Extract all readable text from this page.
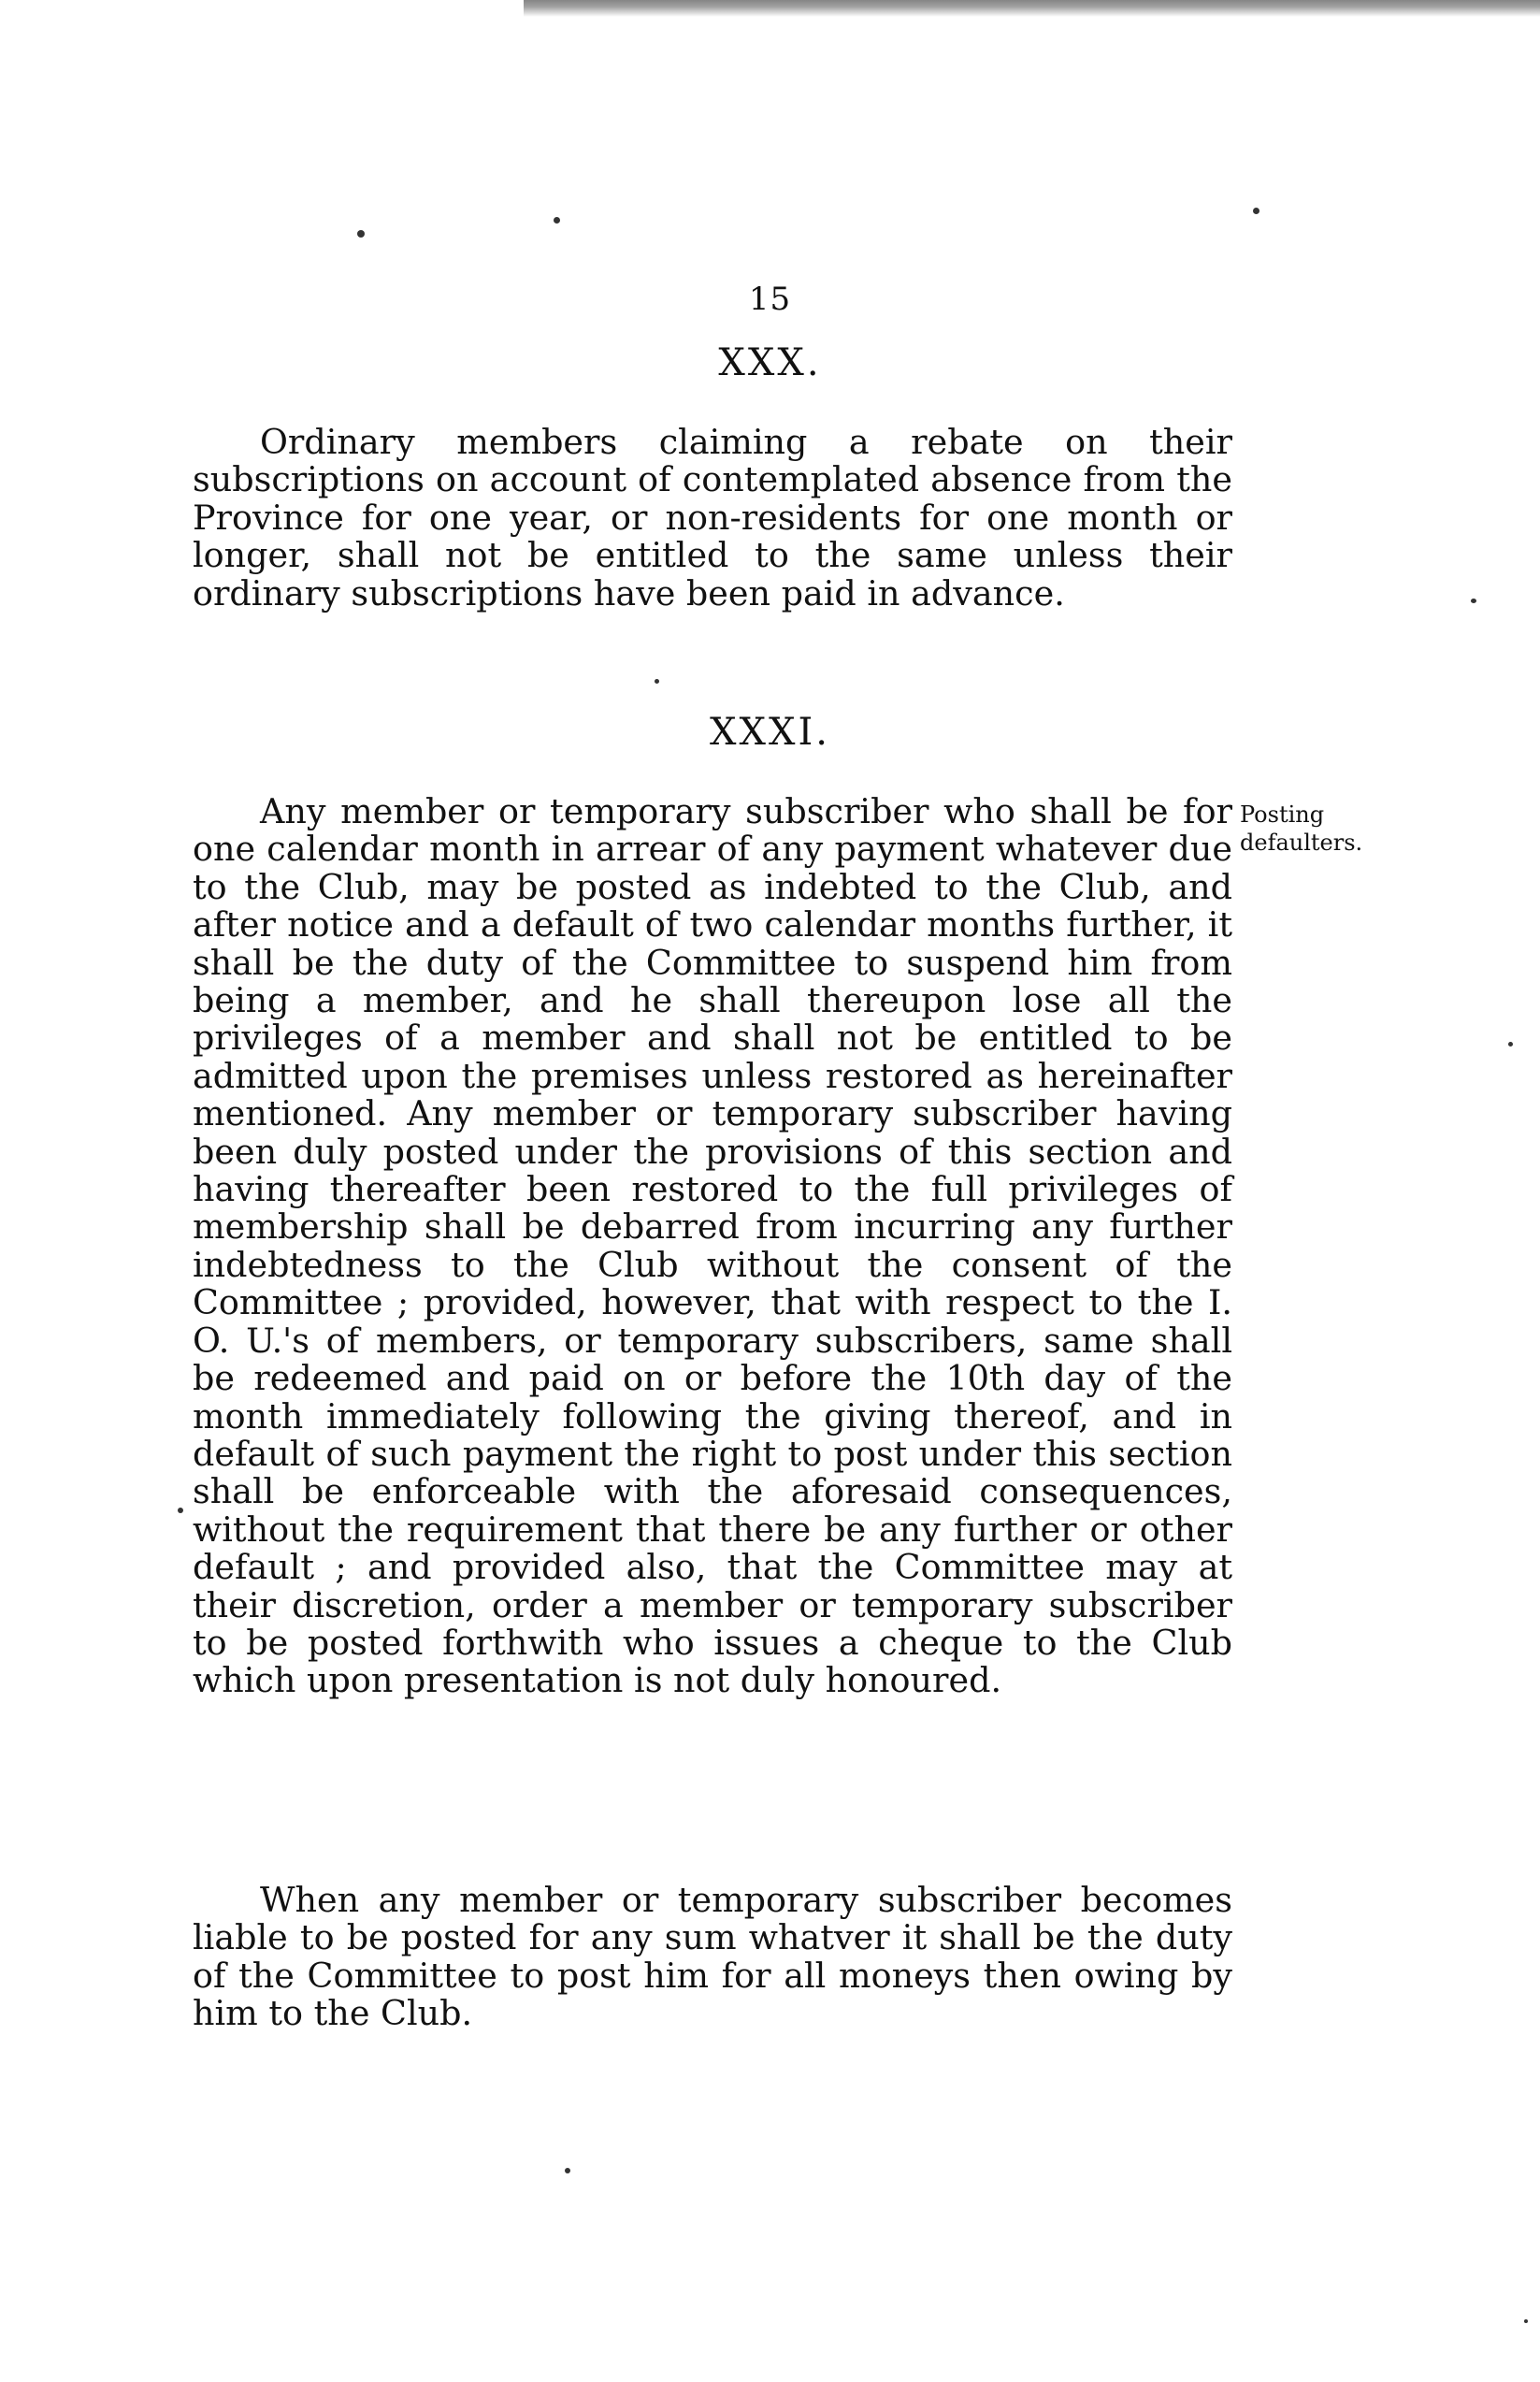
15
XXX.

Ordinary members claiming a rebate on their subscriptions on account of contemplated absence from the Province for one year, or non-residents for one month or longer, shall not be entitled to the same unless their ordinary subscriptions have been paid in advance.

XXXI.
Posting defaulters.

Any member or temporary subscriber who shall be for one calendar month in arrear of any payment whatever due to the Club, may be posted as indebted to the Club, and after notice and a default of two calendar months further, it shall be the duty of the Committee to suspend him from being a member, and he shall thereupon lose all the privileges of a member and shall not be entitled to be admitted upon the premises unless restored as hereinafter mentioned. Any member or temporary subscriber having been duly posted under the provisions of this section and having thereafter been restored to the full privileges of membership shall be debarred from incurring any further indebtedness to the Club without the consent of the Committee ; provided, however, that with respect to the I. O. U.'s of members, or temporary subscribers, same shall be redeemed and paid on or before the 10th day of the month immediately following the giving thereof, and in default of such payment the right to post under this section shall be enforceable with the aforesaid consequences, without the requirement that there be any further or other default ; and provided also, that the Committee may at their discretion, order a member or temporary subscriber to be posted forthwith who issues a cheque to the Club which upon presentation is not duly honoured.

When any member or temporary subscriber becomes liable to be posted for any sum whatver it shall be the duty of the Committee to post him for all moneys then owing by him to the Club.
